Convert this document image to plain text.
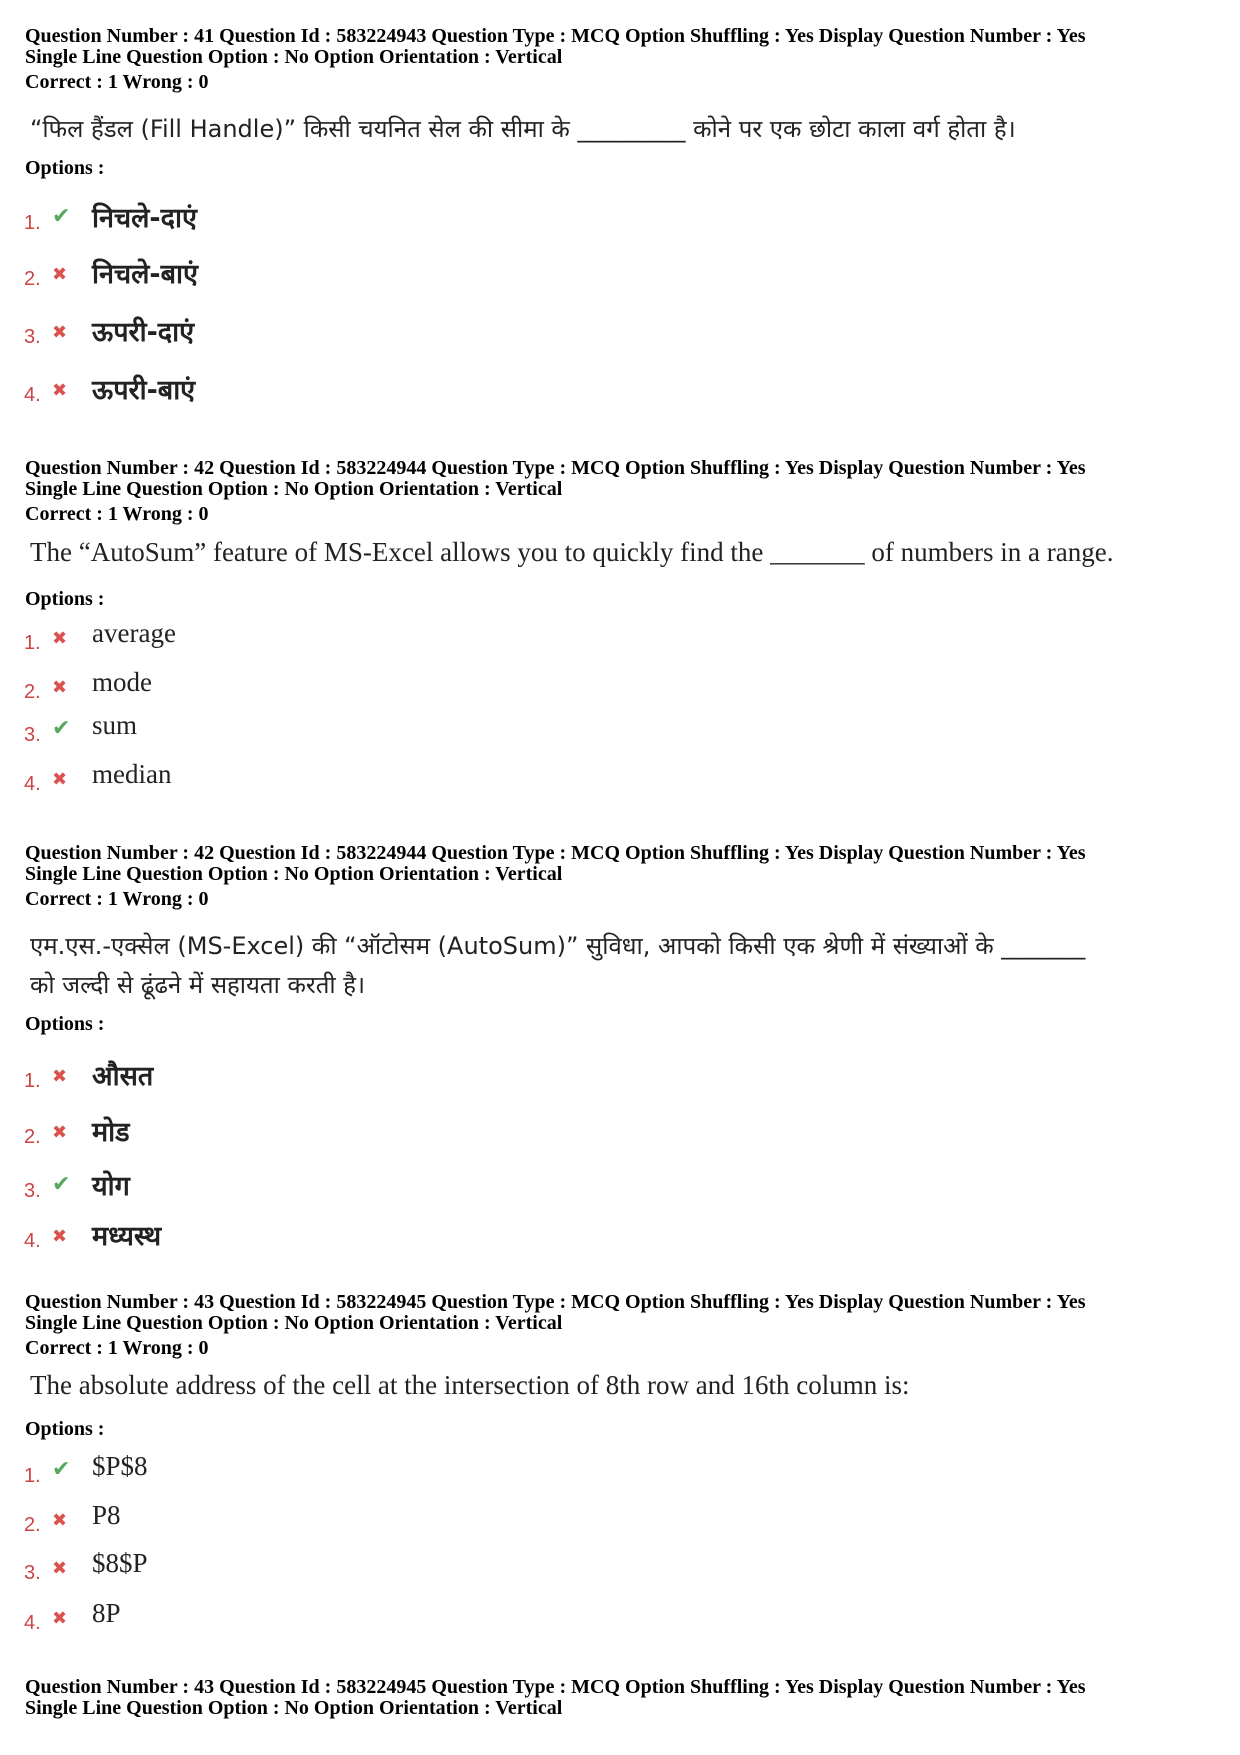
Question Number : 41 Question Id : 583224943 Question Type : MCQ Option Shuffling : Yes Display Question Number : Yes
Single Line Question Option : No Option Orientation : Vertical
Correct : 1 Wrong : 0
“फिल हैंडल (Fill Handle)” किसी चयनित सेल की सीमा के _________ कोने पर एक छोटा काला वर्ग होता है।
Options :
1. ✔ निचले-दाएं
2. ✖ निचले-बाएं
3. ✖ ऊपरी-दाएं
4. ✖ ऊपरी-बाएं
Question Number : 42 Question Id : 583224944 Question Type : MCQ Option Shuffling : Yes Display Question Number : Yes
Single Line Question Option : No Option Orientation : Vertical
Correct : 1 Wrong : 0
The “AutoSum” feature of MS-Excel allows you to quickly find the _______ of numbers in a range.
Options :
1. ✖ average
2. ✖ mode
3. ✔ sum
4. ✖ median
Question Number : 42 Question Id : 583224944 Question Type : MCQ Option Shuffling : Yes Display Question Number : Yes
Single Line Question Option : No Option Orientation : Vertical
Correct : 1 Wrong : 0
एम.एस.-एक्सेल (MS-Excel) की “ऑटोसम (AutoSum)” सुविधा, आपको किसी एक श्रेणी में संख्याओं के _______
को जल्दी से ढूंढने में सहायता करती है।
Options :
1. ✖ औसत
2. ✖ मोड
3. ✔ योग
4. ✖ मध्यस्थ
Question Number : 43 Question Id : 583224945 Question Type : MCQ Option Shuffling : Yes Display Question Number : Yes
Single Line Question Option : No Option Orientation : Vertical
Correct : 1 Wrong : 0
The absolute address of the cell at the intersection of 8th row and 16th column is:
Options :
1. ✔ $P$8
2. ✖ P8
3. ✖ $8$P
4. ✖ 8P
Question Number : 43 Question Id : 583224945 Question Type : MCQ Option Shuffling : Yes Display Question Number : Yes
Single Line Question Option : No Option Orientation : Vertical
